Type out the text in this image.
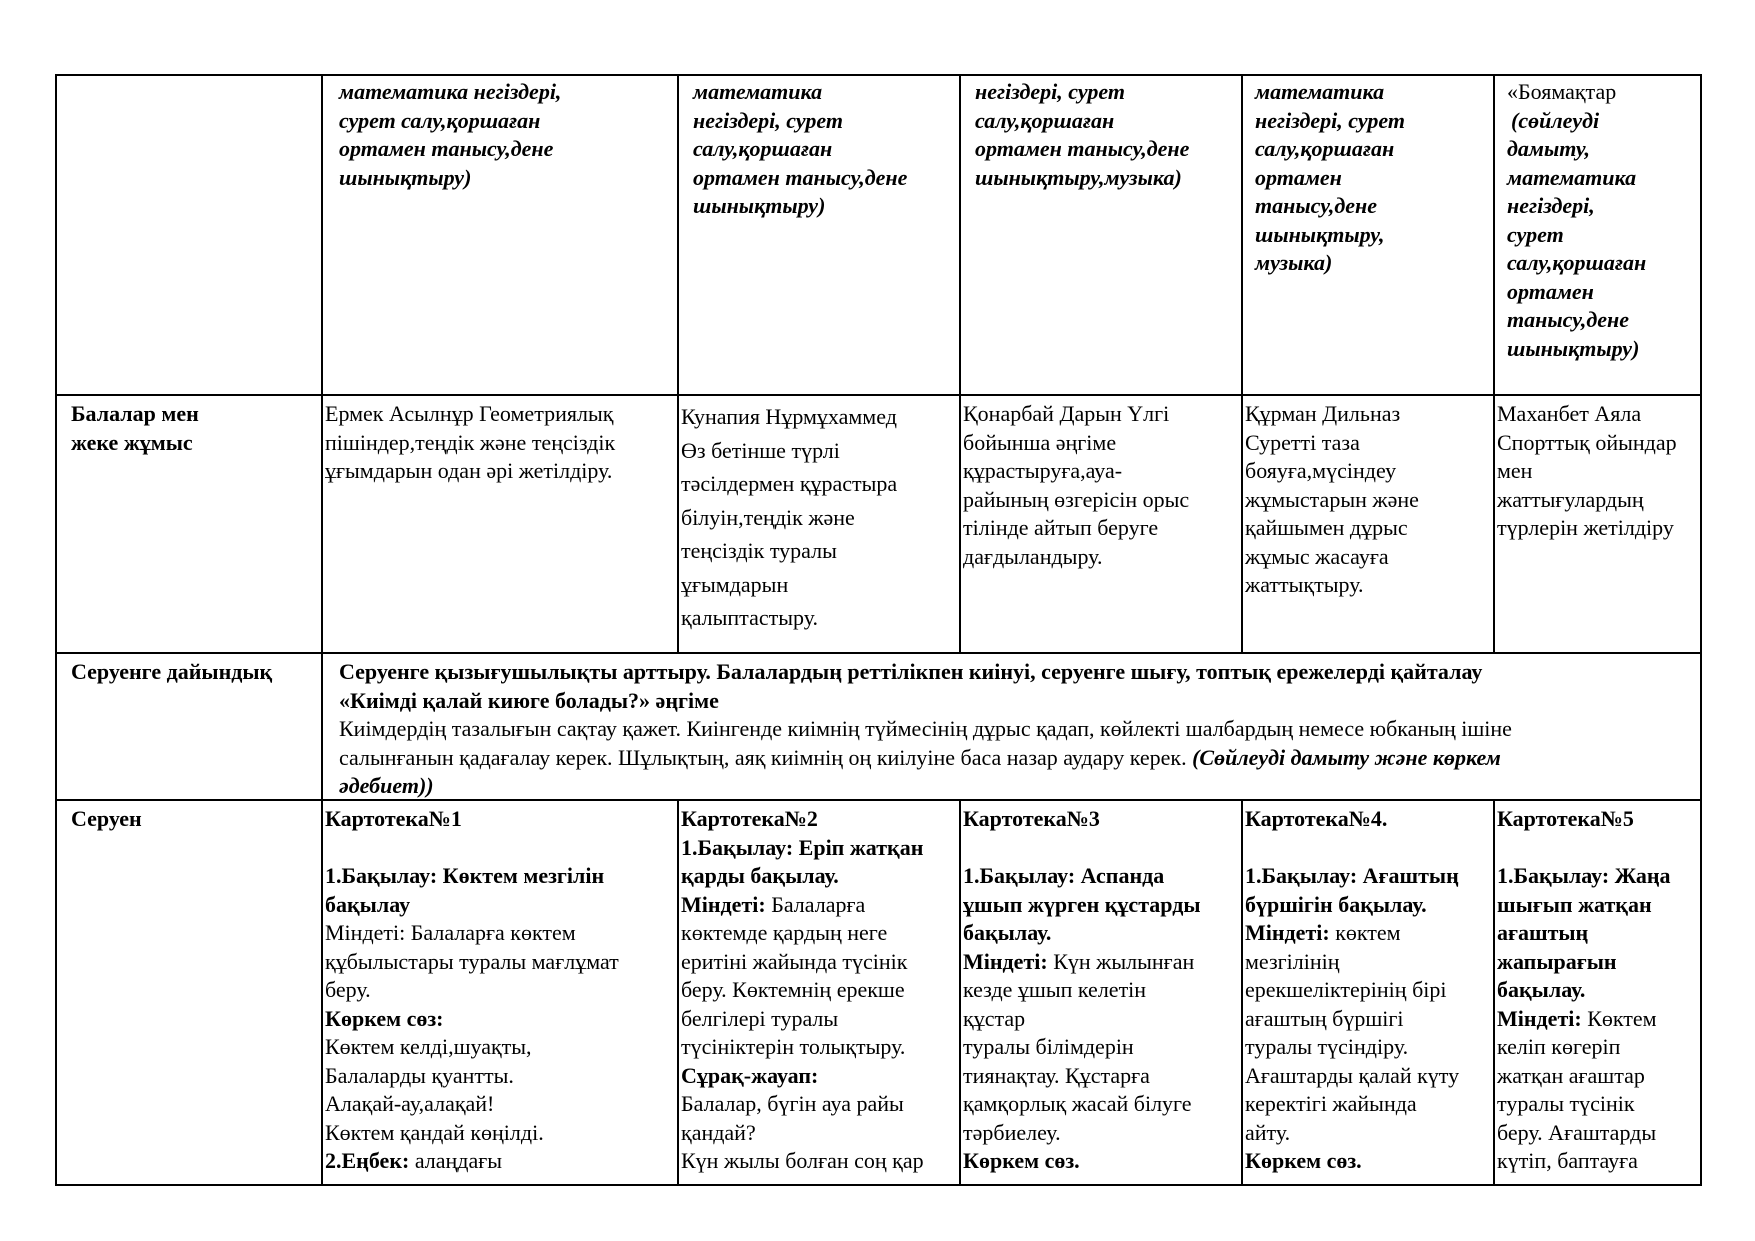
математика негіздері,
сурет салу,қоршаған
ортамен танысу,дене
шынықтыру)
математика
негіздері, сурет
салу,қоршаған
ортамен танысу,дене
шынықтыру)
негіздері, сурет
салу,қоршаған
ортамен танысу,дене
шынықтыру,музыка)
математика
негіздері, сурет
салу,қоршаған
ортамен
танысу,дене
шынықтыру,
музыка)
«Боямақтар
(сөйлеуді
дамыту,
математика
негіздері,
сурет
салу,қоршаған
ортамен
танысу,дене
шынықтыру)
Балалар мен
жеке жұмыс
Ермек Асылнұр Геометриялық
пішіндер,теңдік және теңсіздік
ұғымдарын одан әрі жетілдіру.
Кунапия Нұрмұхаммед
Өз бетінше түрлі
тәсілдермен құрастыра
білуін,теңдік және
теңсіздік туралы
ұғымдарын
қалыптастыру.
Қонарбай Дарын Үлгі
бойынша әңгіме
құрастыруға,ауа-
райының өзгерісін орыс
тілінде айтып беруге
дағдыландыру.
Құрман Дильназ
Суретті таза
бояуға,мүсіндеу
жұмыстарын және
қайшымен дұрыс
жұмыс жасауға
жаттықтыру.
Маханбет Аяла
Спорттық ойындар
мен
жаттығулардың
түрлерін жетілдіру
Серуенге дайындық	Серуенге қызығушылықты арттыру. Балалардың реттілікпен киінуі, серуенге шығу, топтық ережелерді қайталау
«Киімді қалай киюге болады?» әңгіме
Киімдердің тазалығын сақтау қажет. Киінгенде киімнің түймесінің дұрыс қадап, көйлекті шалбардың немесе юбканың ішіне
салынғанын қадағалау керек. Шұлықтың, аяқ киімнің оң киілуіне баса назар аудару керек. (Сөйлеуді дамыту және көркем
әдебиет))
Серуен	Картотека№1
1.Бақылау: Көктем мезгілін
бақылау
Міндеті: Балаларға көктем
құбылыстары туралы мағлұмат
беру.
Көркем сөз:
Көктем келді,шуақты,
Балаларды қуантты.
Алақай-ау,алақай!
Көктем қандай көңілді.
2.Еңбек: алаңдағы
Картотека№2
1.Бақылау: Еріп жатқан
қарды бақылау.
Міндеті: Балаларға
көктемде қардың неге
еритіні жайында түсінік
беру. Көктемнің ерекше
белгілері туралы
түсініктерін толықтыру.
Сұрақ-жауап:
Балалар, бүгін ауа райы
қандай?
Күн жылы болған соң қар
Картотека№3
1.Бақылау: Аспанда
ұшып жүрген құстарды
бақылау.
Міндеті: Күн жылынған
кезде ұшып келетін
құстар
туралы білімдерін
тиянақтау. Құстарға
қамқорлық жасай білуге
тәрбиелеу.
Көркем сөз.
Картотека№4.
1.Бақылау: Ағаштың
бүршігін бақылау.
Міндеті: көктем
мезгілінің
ерекшеліктерінің бірі
ағаштың бүршігі
туралы түсіндіру.
Ағаштарды қалай күту
керектігі жайында
айту.
Көркем сөз.
Картотека№5
1.Бақылау: Жаңа
шығып жатқан
ағаштың
жапырағын
бақылау.
Міндеті: Көктем
келіп көгеріп
жатқан ағаштар
туралы түсінік
беру. Ағаштарды
күтіп, баптауға
